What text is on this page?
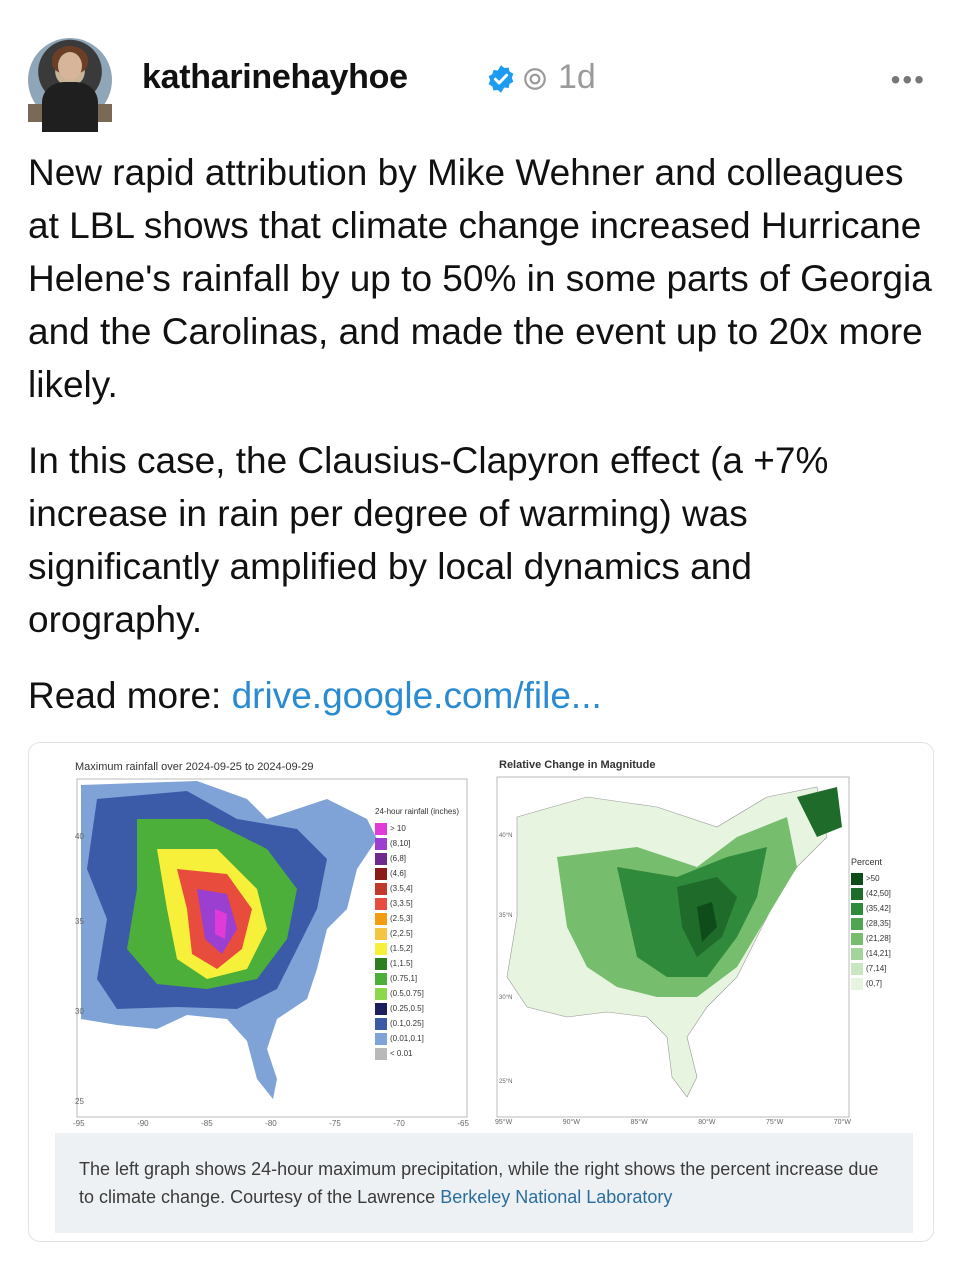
katharinehayhoe	1d	•••
New rapid attribution by Mike Wehner and colleagues at LBL shows that climate change increased Hurricane Helene's rainfall by up to 50% in some parts of Georgia and the Carolinas, and made the event up to 20x more likely.
In this case, the Clausius-Clapyron effect (a +7% increase in rain per degree of warming) was significantly amplified by local dynamics and orography.
Read more: drive.google.com/file...
Maximum rainfall over 2024-09-25 to 2024-09-29
40
35
30
25
24-hour rainfall (inches)
> 10
(8,10]
(6,8]
(4,6]
(3.5,4]
(3,3.5]
(2.5,3]
(2,2.5]
(1.5,2]
(1,1.5]
(0.75,1]
(0.5,0.75]
(0.25,0.5]
(0.1,0.25]
(0.01,0.1]
< 0.01
-95	-90	-85	-80	-75	-70	-65
Relative Change in Magnitude
40°N
35°N
30°N
25°N
Percent
>50
(42,50]
(35,42]
(28,35]
(21,28]
(14,21]
(7,14]
(0,7]
95°W	90°W	85°W	80°W	75°W	70°W
The left graph shows 24-hour maximum precipitation, while the right shows the percent increase due to climate change. Courtesy of the Lawrence Berkeley National Laboratory
